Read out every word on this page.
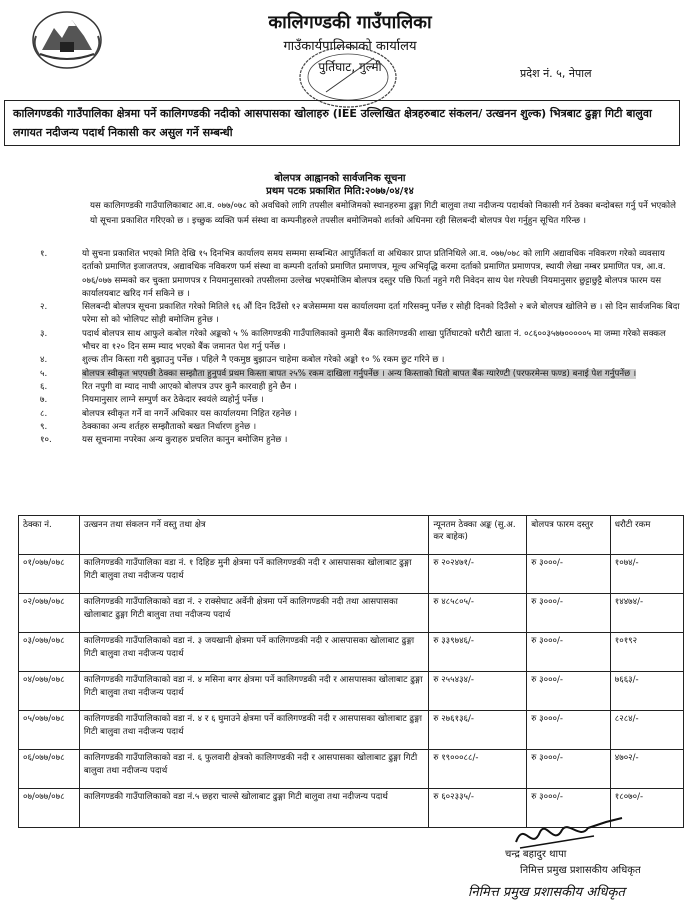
कालिगण्डकी गाउँपालिका
गाउँकार्यपालिकाको कार्यालय
पुर्तिघाट, गुल्मी	प्रदेश नं. ५, नेपाल
कालिगण्डकी गाउँपालिका क्षेत्रमा पर्ने कालिगण्डकी नदीको आसपासका खोलाहरु (IEE उल्लिखित क्षेत्रहरुबाट संकलन/ उत्खनन शुल्क) भित्रबाट ढुङ्गा गिटी बालुवा लगायत नदीजन्य पदार्थ निकासी कर असुल गर्ने सम्बन्धी
बोलपत्र आह्वानको सार्वजनिक सूचना
प्रथम पटक प्रकाशित मिति:२०७७/०४/१४
यस कालिगण्डकी गाउँपालिकाबाट आ.व. ०७७/०७८ को अवधिको लागि तपसील बमोजिमको स्थानहरुमा ढुङ्गा गिटी बालुवा तथा नदीजन्य पदार्थको निकासी गर्न ठेक्का बन्दोबस्त गर्नु पर्ने भएकोले यो सूचना प्रकाशित गरिएको छ । इच्छुक व्यक्ति फर्म संस्था वा कम्पनीहरुले तपसील बमोजिमको शर्तको अधिनमा रही सिलबन्दी बोलपत्र पेश गर्नुहुन सूचित गरिन्छ ।
१.	यो सुचना प्रकाशित भएको मिति देखि १५ दिनभित्र कार्यालय समय सम्ममा सम्बन्धित आपुर्तिकर्ता वा अधिकार प्राप्त प्रतिनिधिले आ.व. ०७७/०७८ को लागि अद्यावधिक नविकरण गरेको व्यवसाय दर्ताको प्रमाणित इजाजतपत्र, अद्यावधिक नविकरण फर्म संस्था वा कम्पनी दर्ताको प्रमाणित प्रमाणपत्र, मूल्य अभिवृद्धि करमा दर्ताको प्रमाणित प्रमाणपत्र, स्थायी लेखा नम्बर प्रमाणित पत्र, आ.व. ०७६/०७७ सम्मको कर चुक्ता प्रमाणपत्र र नियमानुसारको तपसीलमा उल्लेख भएबमोजिम बोलपत्र दस्तुर पछि फिर्ता नहुने गरी निवेदन साथ पेश गरेपछी नियमानुसार छुट्टाछुट्टै बोलपत्र फारम यस कार्यालयबाट खरिद गर्न सकिने छ ।
२.	सिलबन्दी बोलपत्र सूचना प्रकाशित गरेको मितिले १६ औं दिन दिउँसो १२ बजेसम्ममा यस कार्यालयमा दर्ता गरिसक्नु पर्नेछ र सोही दिनको दिउँसो २ बजे बोलपत्र खोलिने छ । सो दिन सार्वजनिक बिदा परेमा सो को भोलिपट सोही बमोजिम हुनेछ ।
३.	पदार्थ बोलपत्र साथ आफुले कबोल गरेको अङ्कको ५ % कालिगण्डकी गाउँपालिकाको कुमारी बैंक कालिगण्डकी शाखा पुर्तिघाटको धरौटी खाता नं. ०८६००३५७७०००००५ मा जम्मा गरेको सक्कल भौचर वा १२० दिन सम्म म्याद भएको बैंक जमानत पेश गर्नु पर्नेछ ।
४.	शुल्क तीन किस्ता गरी बुझाउनु पर्नेछ । पहिले नै एकमुष्ठ बुझाउन चाहेमा कबोल गरेको अङ्को १० % रकम छुट गरिने छ ।
५.	बोलपत्र स्वीकृत भएपछी ठेक्का सम्झौता हुनुपर्व प्रथम किस्ता बापत २५% रकम दाखिला गर्नुपर्नेछ । अन्य किस्ताको धितो बापत बैंक ग्यारेण्टी (परफरमेन्स फण्ड) बनाई पेश गर्नुपर्नेछ ।
६.	रित नपुगी वा म्याद नाघी आएको बोलपत्र उपर कुनै कारवाही हुने छैन ।
७.	नियमानुसार लाग्ने सम्पुर्ण कर ठेकेदार स्वयंले व्यहोर्नु पर्नेछ ।
८.	बोलपत्र स्वीकृत गर्ने वा नगर्ने अधिकार यस कार्यालयमा निहित रहनेछ ।
९.	ठेक्काका अन्य शर्तहरु सम्झौताको बखत निर्धारण हुनेछ ।
१०.	यस सूचनामा नपरेका अन्य कुराहरु प्रचलित कानुन बमोजिम हुनेछ ।
ठेक्का नं.	उत्खनन तथा संकलन गर्ने वस्तु तथा क्षेत्र	न्यूनतम ठेक्का अङ्क (सु.अ. कर बाहेक)	बोलपत्र फारम दस्तुर	धरौटी रकम
०१/०७७/०७८	कालिगण्डकी गाउँपालिका वडा नं. १ दिहिङ मुनी क्षेत्रमा पर्ने कालिगण्डकी नदी र आसपासका खोलाबाट ढुङ्गा गिटी बालुवा तथा नदीजन्य पदार्थ	रु २०२४७१/-	रु ३०००/-	१०७४/-
०२/०७७/०७८	कालिगण्डकी गाउँपालिकाको वडा नं. २ राक्सेघाट अर्वेनी क्षेत्रमा पर्ने कालिगण्डकी नदी तथा आसपासका खोलाबाट ढुङ्गा गिटी बालुवा तथा नदीजन्य पदार्थ	रु ४८५८०५/-	रु ३०००/-	१४४७४/-
०३/०७७/०७८	कालिगण्डकी गाउँपालिकाको वडा नं. ३ जयखानी क्षेत्रमा पर्ने कालिगण्डकी नदी र आसपासका खोलाबाट ढुङ्गा गिटी बालुवा तथा नदीजन्य पदार्थ	रु ३३९७४६/-	रु ३०००/-	१०१९२
०४/०७७/०७८	कालिगण्डकी गाउँपालिकाको वडा नं. ४ मसिना बगर क्षेत्रमा पर्ने कालिगण्डकी नदी र आसपासका खोलाबाट ढुङ्गा गिटी बालुवा तथा नदीजन्य पदार्थ	रु २५५४३४/-	रु ३०००/-	७६६३/-
०५/०७७/०७८	कालिगण्डकी गाउँपालिकाको वडा नं. ४ र ६ घुमाउने क्षेत्रमा पर्ने कालिगण्डकी नदी र आसपासका खोलाबाट ढुङ्गा गिटी बालुवा तथा नदीजन्य पदार्थ	रु २७६१३६/-	रु ३०००/-	८२८४/-
०६/०७७/०७८	कालिगण्डकी गाउँपालिकाको वडा नं. ६ फुलवारी क्षेत्रको कालिगण्डकी नदी र आसपासका खोलाबाट ढुङ्गा गिटी बालुवा तथा नदीजन्य पदार्थ	रु १९०००८८/-	रु ३०००/-	४७०२/-
०७/०७७/०७८	कालिगण्डकी गाउँपालिकाको वडा नं.५ छहरा चाल्से खोलाबाट ढुङ्गा गिटी बालुवा तथा नदीजन्य पदार्थ	रु ६०२३३५/-	रु ३०००/-	१८०७०/-
चन्द्र बहादुर थापा
निमित्त प्रमुख प्रशासकीय अधिकृत
निमित्त प्रमुख प्रशासकीय अधिकृत
